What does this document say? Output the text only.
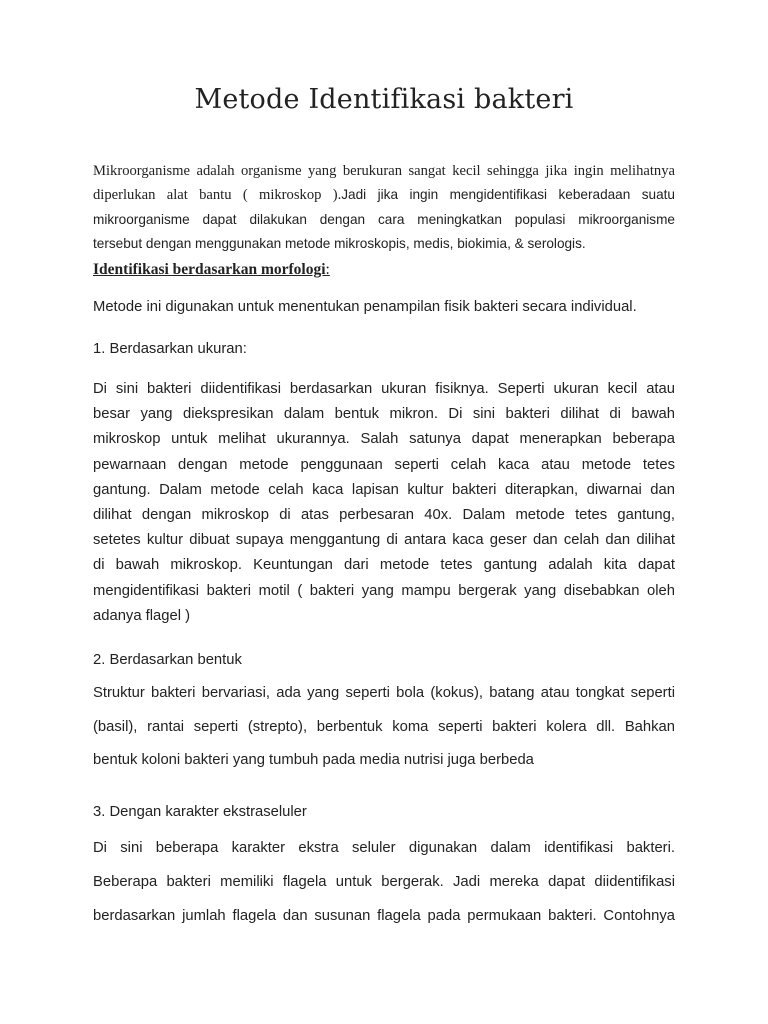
Metode Identifikasi bakteri
Mikroorganisme adalah organisme yang berukuran sangat kecil sehingga jika ingin melihatnya
diperlukan alat bantu ( mikroskop ).Jadi jika ingin mengidentifikasi keberadaan suatu
mikroorganisme dapat dilakukan dengan cara meningkatkan populasi mikroorganisme
tersebut dengan menggunakan metode mikroskopis, medis, biokimia, & serologis.

Identifikasi berdasarkan morfologi:

Metode ini digunakan untuk menentukan penampilan fisik bakteri secara individual.

1. Berdasarkan ukuran:

Di sini bakteri diidentifikasi berdasarkan ukuran fisiknya. Seperti ukuran kecil atau
besar yang diekspresikan dalam bentuk mikron. Di sini bakteri dilihat di bawah
mikroskop untuk melihat ukurannya. Salah satunya dapat menerapkan beberapa
pewarnaan dengan metode penggunaan seperti celah kaca atau metode tetes
gantung. Dalam metode celah kaca lapisan kultur bakteri diterapkan, diwarnai dan
dilihat dengan mikroskop di atas perbesaran 40x. Dalam metode tetes gantung,
setetes kultur dibuat supaya menggantung di antara kaca geser dan celah dan dilihat
di bawah mikroskop. Keuntungan dari metode tetes gantung adalah kita dapat
mengidentifikasi bakteri motil ( bakteri yang mampu bergerak yang disebabkan oleh
adanya flagel )

2. Berdasarkan bentuk

Struktur bakteri bervariasi, ada yang seperti bola (kokus), batang atau tongkat seperti
(basil), rantai seperti (strepto), berbentuk koma seperti bakteri kolera dll. Bahkan
bentuk koloni bakteri yang tumbuh pada media nutrisi juga berbeda

3. Dengan karakter ekstraseluler

Di sini beberapa karakter ekstra seluler digunakan dalam identifikasi bakteri.
Beberapa bakteri memiliki flagela untuk bergerak. Jadi mereka dapat diidentifikasi
berdasarkan jumlah flagela dan susunan flagela pada permukaan bakteri. Contohnya
